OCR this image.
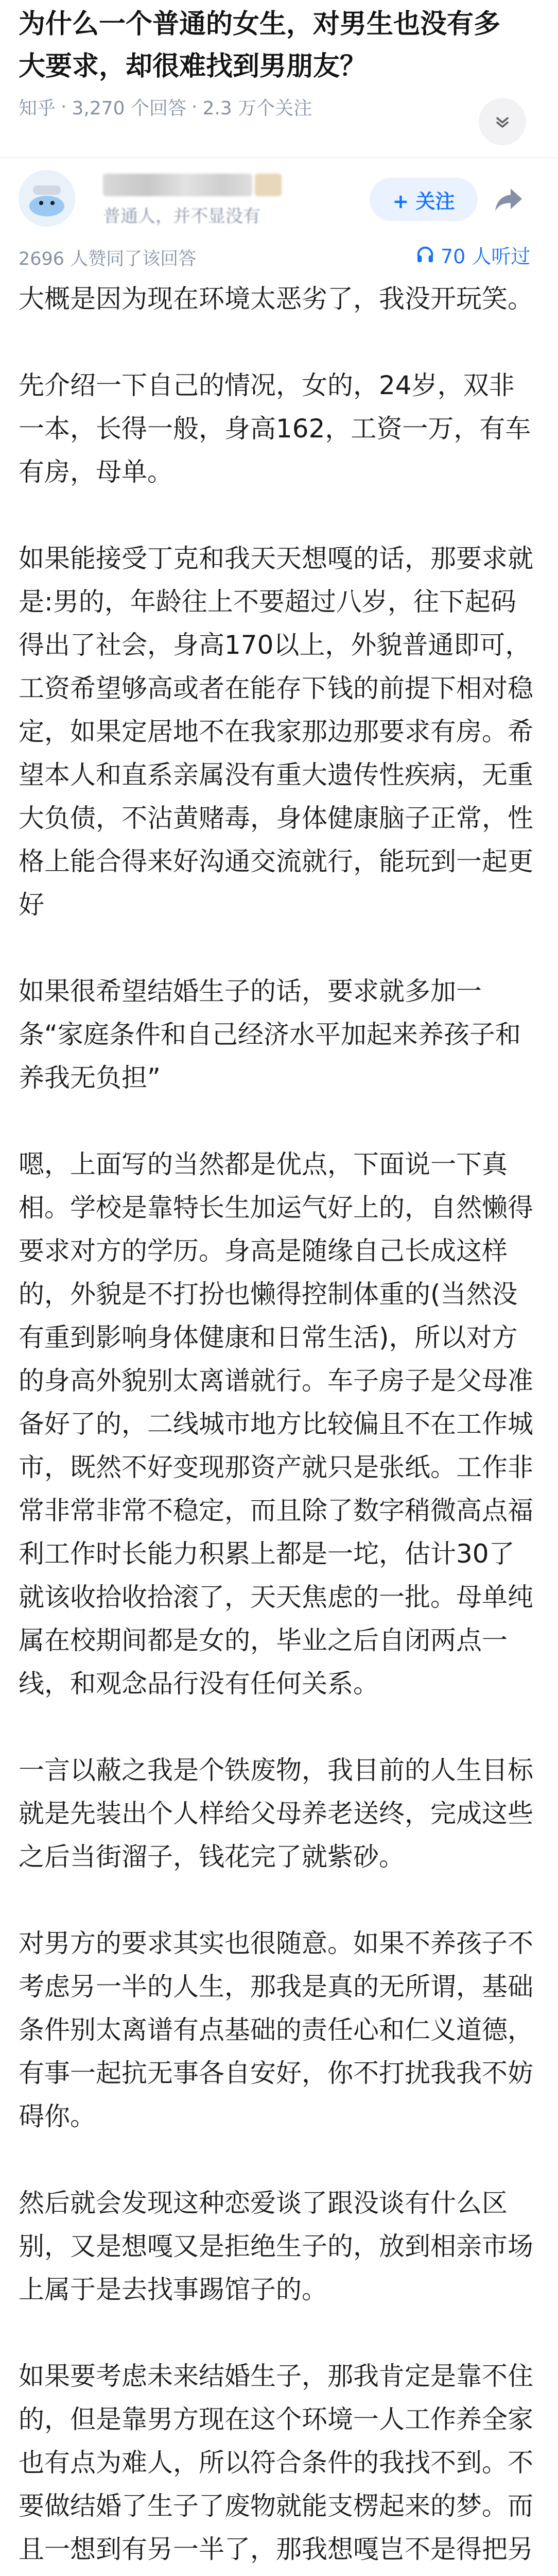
为什么一个普通的女生，对男生也没有多大要求，却很难找到男朋友？
知乎 · 3,270 个回答 · 2.3 万个关注
普通人，并不显没有
+ 关注
2696 人赞同了该回答	70 人听过

大概是因为现在环境太恶劣了，我没开玩笑。

先介绍一下自己的情况，女的，24岁，双非一本，长得一般，身高162，工资一万，有车有房，母单。

如果能接受丁克和我天天想嘎的话，那要求就是:男的，年龄往上不要超过八岁，往下起码得出了社会，身高170以上，外貌普通即可，工资希望够高或者在能存下钱的前提下相对稳定，如果定居地不在我家那边那要求有房。希望本人和直系亲属没有重大遗传性疾病，无重大负债，不沾黄赌毒，身体健康脑子正常，性格上能合得来好沟通交流就行，能玩到一起更好

如果很希望结婚生子的话，要求就多加一条“家庭条件和自己经济水平加起来养孩子和养我无负担”

嗯，上面写的当然都是优点，下面说一下真相。学校是靠特长生加运气好上的，自然懒得要求对方的学历。身高是随缘自己长成这样的，外貌是不打扮也懒得控制体重的(当然没有重到影响身体健康和日常生活)，所以对方的身高外貌别太离谱就行。车子房子是父母准备好了的，二线城市地方比较偏且不在工作城市，既然不好变现那资产就只是张纸。工作非常非常非常不稳定，而且除了数字稍微高点福利工作时长能力积累上都是一坨，估计30了就该收拾收拾滚了，天天焦虑的一批。母单纯属在校期间都是女的，毕业之后自闭两点一线，和观念品行没有任何关系。

一言以蔽之我是个铁废物，我目前的人生目标就是先装出个人样给父母养老送终，完成这些之后当街溜子，钱花完了就紫砂。

对男方的要求其实也很随意。如果不养孩子不考虑另一半的人生，那我是真的无所谓，基础条件别太离谱有点基础的责任心和仁义道德，有事一起抗无事各自安好，你不打扰我我不妨碍你。

然后就会发现这种恋爱谈了跟没谈有什么区别，又是想嘎又是拒绝生子的，放到相亲市场上属于是去找事踢馆子的。

如果要考虑未来结婚生子，那我肯定是靠不住的，但是靠男方现在这个环境一人工作养全家也有点为难人，所以符合条件的我找不到。不要做结婚了生子了废物就能支楞起来的梦。而且一想到有另一半了，那我想嘎岂不是得把另
